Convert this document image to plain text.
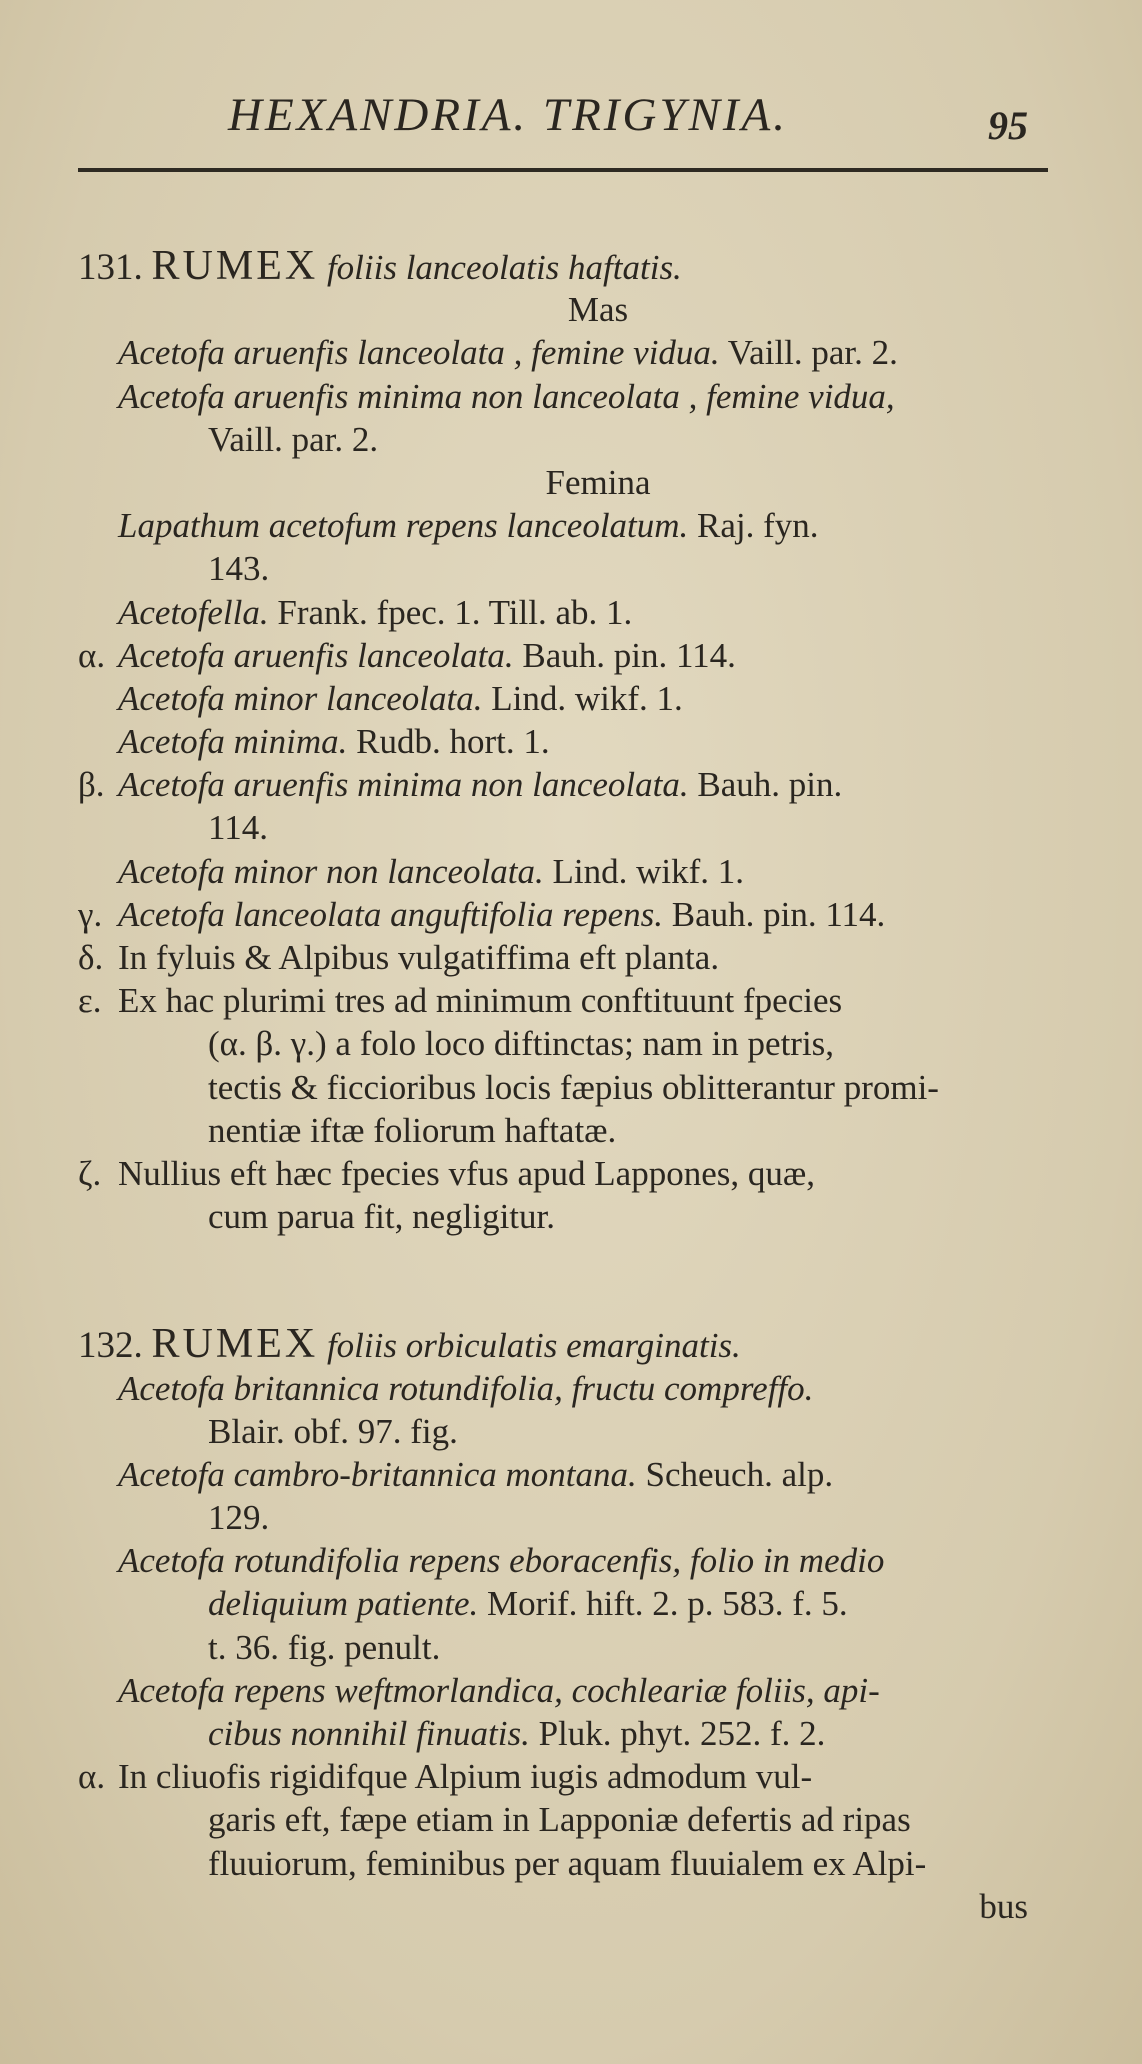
HEXANDRIA. TRIGYNIA.	95
131. RUMEX foliis lanceolatis haftatis.
Mas
Acetofa aruenfis lanceolata , femine vidua. Vaill. par. 2.
Acetofa aruenfis minima non lanceolata , femine vidua,
Vaill. par. 2.
Femina
Lapathum acetofum repens lanceolatum. Raj. fyn.
143.
Acetofella. Frank. fpec. 1. Till. ab. 1.
α. Acetofa aruenfis lanceolata. Bauh. pin. 114.
Acetofa minor lanceolata. Lind. wikf. 1.
Acetofa minima. Rudb. hort. 1.
β. Acetofa aruenfis minima non lanceolata. Bauh. pin.
114.
Acetofa minor non lanceolata. Lind. wikf. 1.
γ. Acetofa lanceolata anguftifolia repens. Bauh. pin. 114.
δ. In fyluis & Alpibus vulgatiffima eft planta.
ε. Ex hac plurimi tres ad minimum conftituunt fpecies
(α. β. γ.) a folo loco diftinctas; nam in petris,
tectis & ficcioribus locis fæpius oblitterantur promi-
nentiæ iftæ foliorum haftatæ.
ζ. Nullius eft hæc fpecies vfus apud Lappones, quæ,
cum parua fit, negligitur.
132. RUMEX foliis orbiculatis emarginatis.
Acetofa britannica rotundifolia, fructu compreffo.
Blair. obf. 97. fig.
Acetofa cambro-britannica montana. Scheuch. alp.
129.
Acetofa rotundifolia repens eboracenfis, folio in medio
deliquium patiente. Morif. hift. 2. p. 583. f. 5.
t. 36. fig. penult.
Acetofa repens weftmorlandica, cochleariæ foliis, api-
cibus nonnihil finuatis. Pluk. phyt. 252. f. 2.
α. In cliuofis rigidifque Alpium iugis admodum vul-
garis eft, fæpe etiam in Lapponiæ defertis ad ripas
fluuiorum, feminibus per aquam fluuialem ex Alpi-
bus
